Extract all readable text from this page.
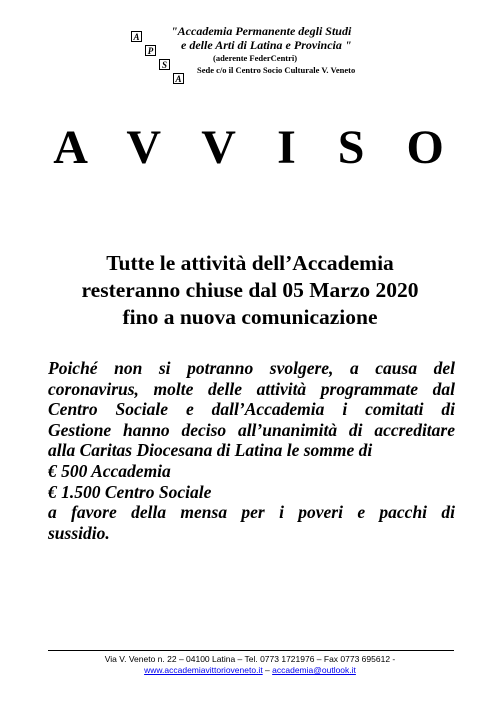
A
P
S
A
"Accademia Permanente degli Studi
e delle Arti di Latina e Provincia "
(aderente FederCentri)
Sede c/o il Centro Socio Culturale V. Veneto
A V V I S O
Tutte le attività dell’Accademia
resteranno chiuse dal 05 Marzo 2020
fino a nuova comunicazione
Poiché non si potranno svolgere, a causa del
coronavirus, molte delle attività programmate dal
Centro Sociale e dall’Accademia i comitati di
Gestione hanno deciso all’unanimità di accreditare
alla Caritas Diocesana di Latina le somme di
€ 500 Accademia
€ 1.500 Centro Sociale
a favore della mensa per i poveri e pacchi di
sussidio.
Via V. Veneto n. 22 – 04100 Latina – Tel. 0773 1721976 – Fax 0773 695612 -
www.accademiavittorioveneto.it – accademia@outlook.it
